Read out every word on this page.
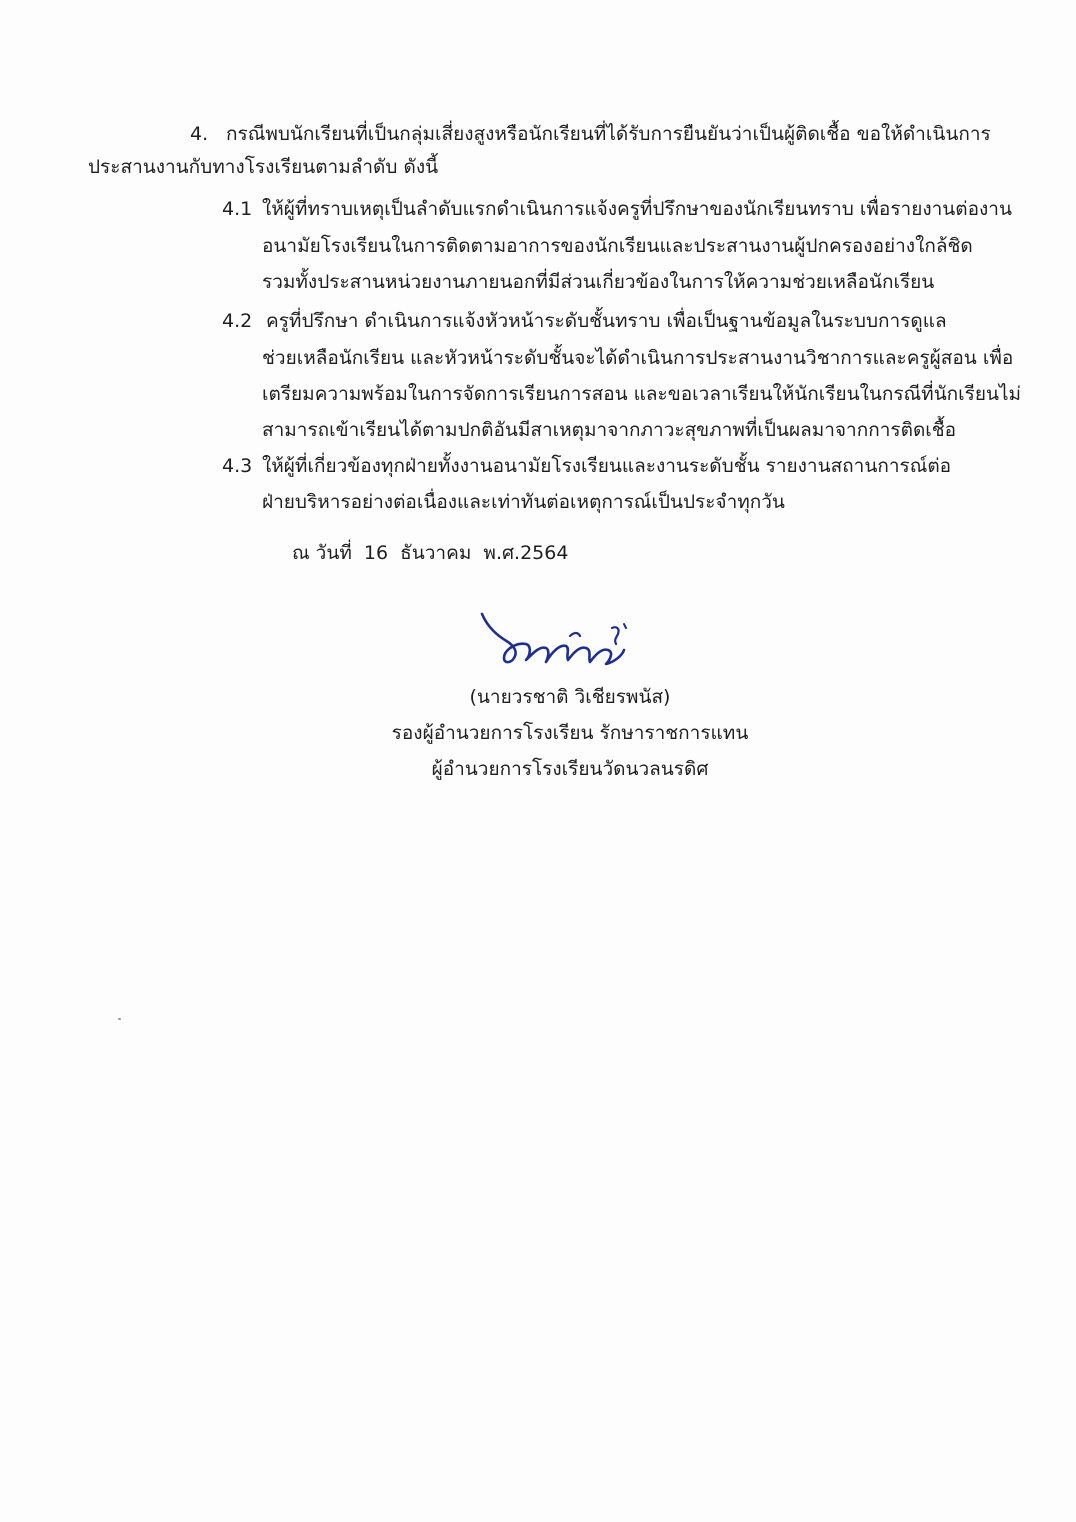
4. กรณีพบนักเรียนที่เป็นกลุ่มเสี่ยงสูงหรือนักเรียนที่ได้รับการยืนยันว่าเป็นผู้ติดเชื้อ ขอให้ดำเนินการ
ประสานงานกับทางโรงเรียนตามลำดับ ดังนี้
4.1 ให้ผู้ที่ทราบเหตุเป็นลำดับแรกดำเนินการแจ้งครูที่ปรึกษาของนักเรียนทราบ เพื่อรายงานต่องาน
อนามัยโรงเรียนในการติดตามอาการของนักเรียนและประสานงานผู้ปกครองอย่างใกล้ชิด
รวมทั้งประสานหน่วยงานภายนอกที่มีส่วนเกี่ยวข้องในการให้ความช่วยเหลือนักเรียน
4.2 ครูที่ปรึกษา ดำเนินการแจ้งหัวหน้าระดับชั้นทราบ เพื่อเป็นฐานข้อมูลในระบบการดูแล
ช่วยเหลือนักเรียน และหัวหน้าระดับชั้นจะได้ดำเนินการประสานงานวิชาการและครูผู้สอน เพื่อ
เตรียมความพร้อมในการจัดการเรียนการสอน และขอเวลาเรียนให้นักเรียนในกรณีที่นักเรียนไม่
สามารถเข้าเรียนได้ตามปกติอันมีสาเหตุมาจากภาวะสุขภาพที่เป็นผลมาจากการติดเชื้อ
4.3 ให้ผู้ที่เกี่ยวข้องทุกฝ่ายทั้งงานอนามัยโรงเรียนและงานระดับชั้น รายงานสถานการณ์ต่อ
ฝ่ายบริหารอย่างต่อเนื่องและเท่าทันต่อเหตุการณ์เป็นประจำทุกวัน
ณ วันที่  16  ธันวาคม  พ.ศ.2564
(นายวรชาติ วิเชียรพนัส)
รองผู้อำนวยการโรงเรียน รักษาราชการแทน
ผู้อำนวยการโรงเรียนวัดนวลนรดิศ
